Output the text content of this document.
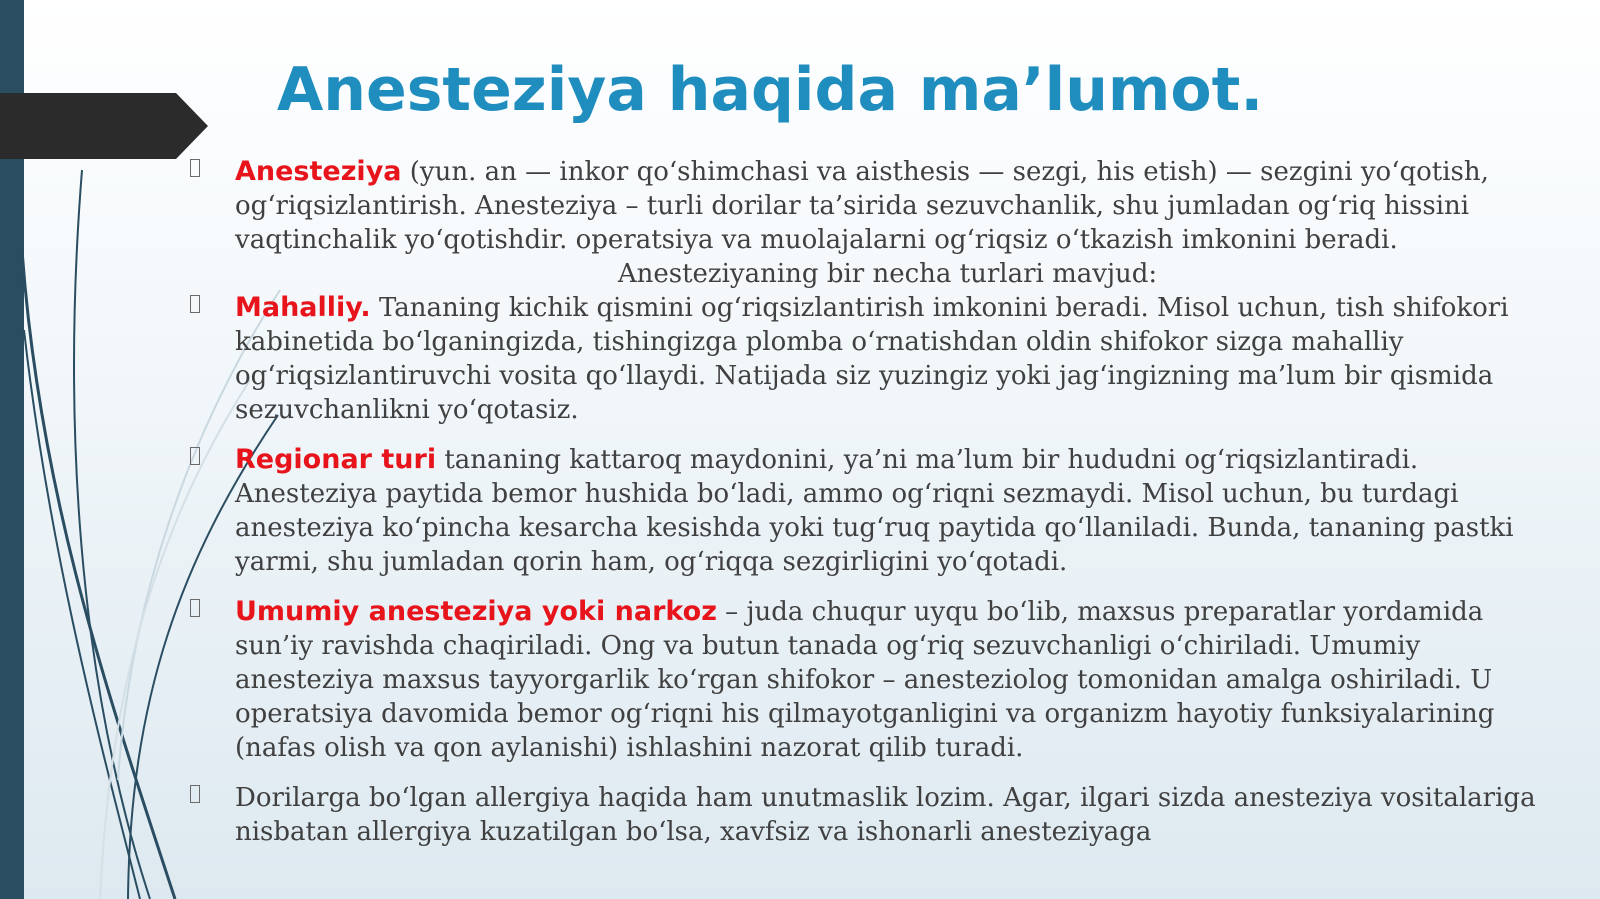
Anesteziya haqida ma’lumot.
Anesteziya (yun. an — inkor qo‘shimchasi va aisthesis — sezgi, his etish) — sezgini yo‘qotish, og‘riqsizlantirish. Anesteziya – turli dorilar ta’sirida sezuvchanlik, shu jumladan og‘riq hissini vaqtinchalik yo‘qotishdir. operatsiya va muolajalarni og‘riqsiz o‘tkazish imkonini beradi.
Anesteziyaning bir necha turlari mavjud:
Mahalliy. Tananing kichik qismini og‘riqsizlantirish imkonini beradi. Misol uchun, tish shifokori kabinetida bo‘lganingizda, tishingizga plomba o‘rnatishdan oldin shifokor sizga mahalliy og‘riqsizlantiruvchi vosita qo‘llaydi. Natijada siz yuzingiz yoki jag‘ingizning ma’lum bir qismida sezuvchanlikni yo‘qotasiz.
Regionar turi tananing kattaroq maydonini, ya’ni ma’lum bir hududni og‘riqsizlantiradi. Anesteziya paytida bemor hushida bo‘ladi, ammo og‘riqni sezmaydi. Misol uchun, bu turdagi anesteziya ko‘pincha kesarcha kesishda yoki tug‘ruq paytida qo‘llaniladi. Bunda, tananing pastki yarmi, shu jumladan qorin ham, og‘riqqa sezgirligini yo‘qotadi.
Umumiy anesteziya yoki narkoz – juda chuqur uyqu bo‘lib, maxsus preparatlar yordamida sun’iy ravishda chaqiriladi. Ong va butun tanada og‘riq sezuvchanligi o‘chiriladi. Umumiy anesteziya maxsus tayyorgarlik ko‘rgan shifokor – anesteziolog tomonidan amalga oshiriladi. U operatsiya davomida bemor og‘riqni his qilmayotganligini va organizm hayotiy funksiyalarining (nafas olish va qon aylanishi) ishlashini nazorat qilib turadi.
Dorilarga bo‘lgan allergiya haqida ham unutmaslik lozim. Agar, ilgari sizda anesteziya vositalariga nisbatan allergiya kuzatilgan bo‘lsa, xavfsiz va ishonarli anesteziyaga
